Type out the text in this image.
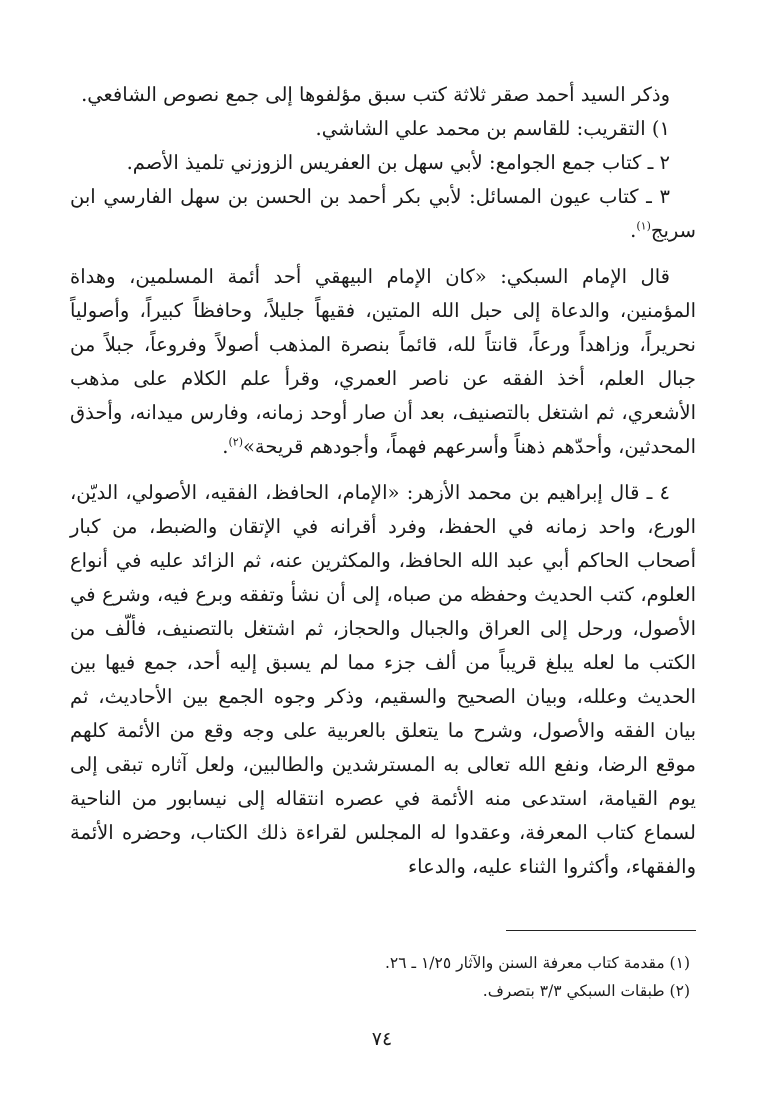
وذكر السيد أحمد صقر ثلاثة كتب سبق مؤلفوها إلى جمع نصوص الشافعي.

١) التقريب: للقاسم بن محمد علي الشاشي.

٢ ـ كتاب جمع الجوامع: لأبي سهل بن العفريس الزوزني تلميذ الأصم.

٣ ـ كتاب عيون المسائل: لأبي بكر أحمد بن الحسن بن سهل الفارسي ابن سريج$^{(١)}$.

قال الإمام السبكي: «كان الإمام البيهقي أحد أئمة المسلمين، وهداة المؤمنين، والدعاة إلى حبل الله المتين، فقيهاً جليلاً، وحافظاً كبيراً، وأصولياً نحريراً، وزاهداً ورعاً، قانتاً لله، قائماً بنصرة المذهب أصولاً وفروعاً، جبلاً من جبال العلم، أخذ الفقه عن ناصر العمري، وقرأ علم الكلام على مذهب الأشعري، ثم اشتغل بالتصنيف، بعد أن صار أوحد زمانه، وفارس ميدانه، وأحذق المحدثين، وأحدّهم ذهناً وأسرعهم فهماً، وأجودهم قريحة»$^{(٢)}$.

٤ ـ قال إبراهيم بن محمد الأزهر: «الإمام، الحافظ، الفقيه، الأصولي، الديّن، الورع، واحد زمانه في الحفظ، وفرد أقرانه في الإتقان والضبط، من كبار أصحاب الحاكم أبي عبد الله الحافظ، والمكثرين عنه، ثم الزائد عليه في أنواع العلوم، كتب الحديث وحفظه من صباه، إلى أن نشأ وتفقه وبرع فيه، وشرع في الأصول، ورحل إلى العراق والجبال والحجاز، ثم اشتغل بالتصنيف، فألّف من الكتب ما لعله يبلغ قريباً من ألف جزء مما لم يسبق إليه أحد، جمع فيها بين الحديث وعلله، وبيان الصحيح والسقيم، وذكر وجوه الجمع بين الأحاديث، ثم بيان الفقه والأصول، وشرح ما يتعلق بالعربية على وجه وقع من الأئمة كلهم موقع الرضا، ونفع الله تعالى به المسترشدين والطالبين، ولعل آثاره تبقى إلى يوم القيامة، استدعى منه الأئمة في عصره انتقاله إلى نيسابور من الناحية لسماع كتاب المعرفة، وعقدوا له المجلس لقراءة ذلك الكتاب، وحضره الأئمة والفقهاء، وأكثروا الثناء عليه، والدعاء

(١) مقدمة كتاب معرفة السنن والآثار ١/٢٥ ـ ٢٦.

(٢) طبقات السبكي ٣/٣ بتصرف.

٧٤
